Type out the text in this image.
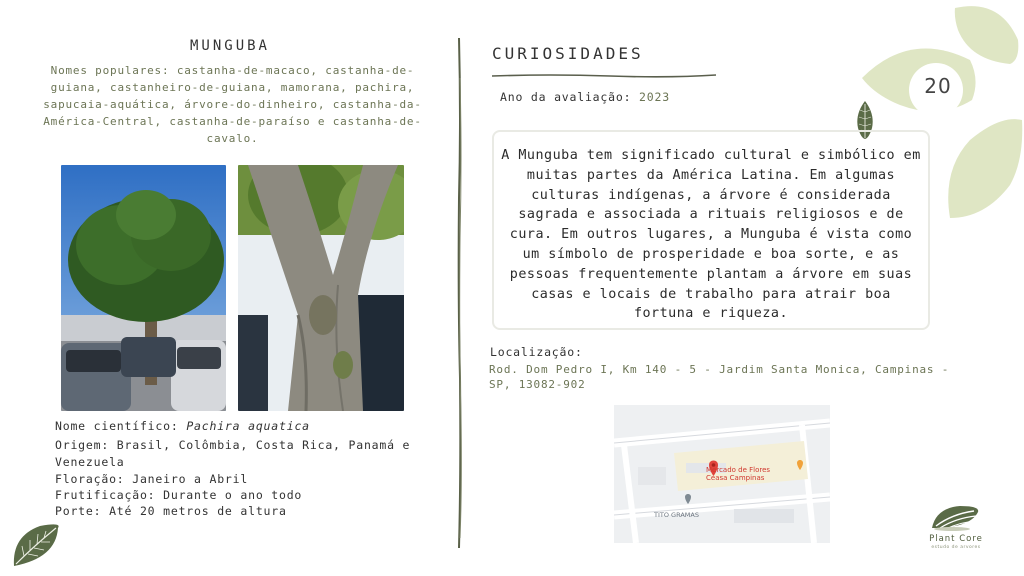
MUNGUBA
Nomes populares: castanha-de-macaco, castanha-de-guiana, castanheiro-de-guiana, mamorana, pachira, sapucaia-aquática, árvore-do-dinheiro, castanha-da-América-Central, castanha-de-paraíso e castanha-de-cavalo.
Nome científico: Pachira aquatica
Origem: Brasil, Colômbia, Costa Rica, Panamá e Venezuela
Floração: Janeiro a Abril
Frutificação: Durante o ano todo
Porte: Até 20 metros de altura
CURIOSIDADES
Ano da avaliação: 2023	20
A Munguba tem significado cultural e simbólico em muitas partes da América Latina. Em algumas culturas indígenas, a árvore é considerada sagrada e associada a rituais religiosos e de cura. Em outros lugares, a Munguba é vista como um símbolo de prosperidade e boa sorte, e as pessoas frequentemente plantam a árvore em suas casas e locais de trabalho para atrair boa fortuna e riqueza.
Localização:
Rod. Dom Pedro I, Km 140 - 5 - Jardim Santa Monica, Campinas - SP, 13082-902
Mercado de Flores
Ceasa Campinas
TITO GRAMAS
Plant Core
estudo de arvores
